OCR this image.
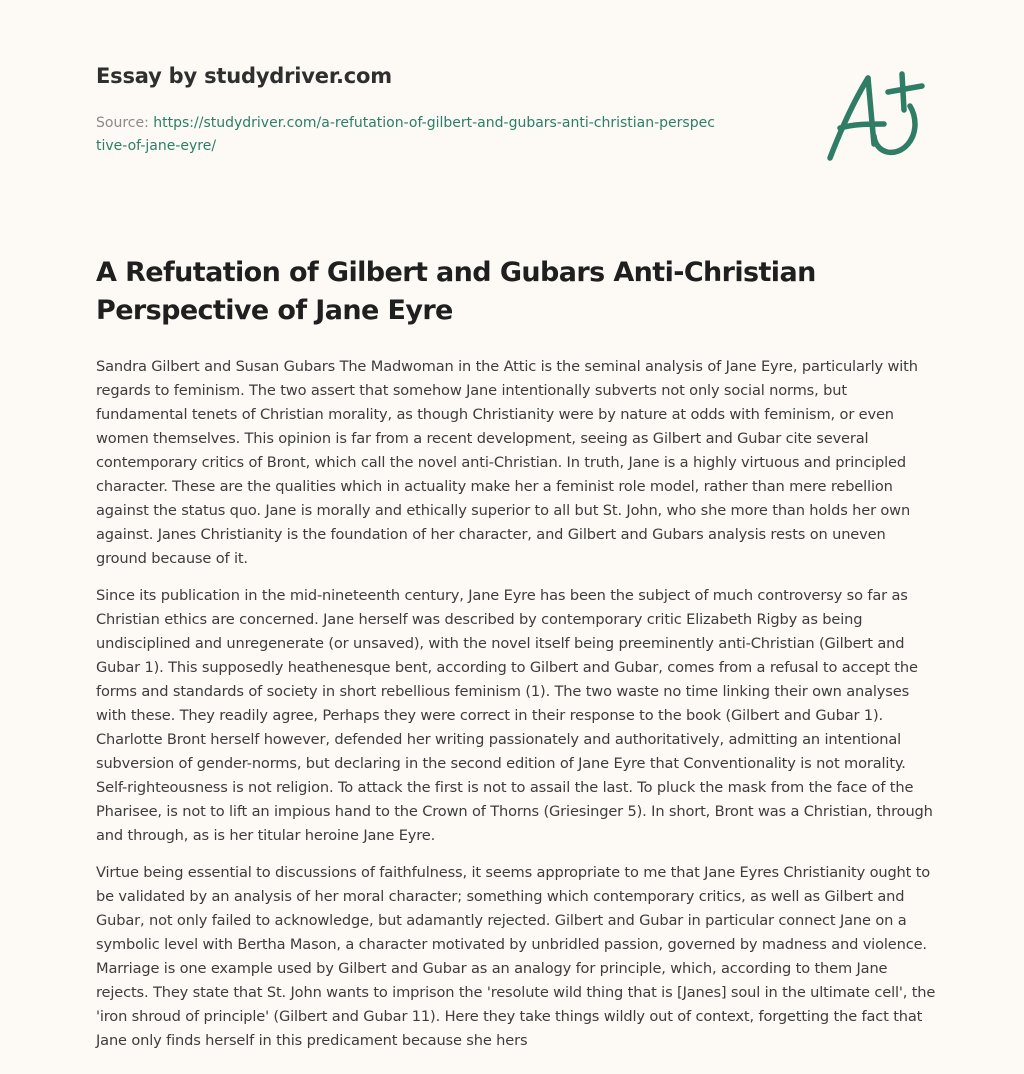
Essay by studydriver.com
Source: https://studydriver.com/a-refutation-of-gilbert-and-gubars-anti-christian-perspective-of-jane-eyre/
A Refutation of Gilbert and Gubars Anti-Christian Perspective of Jane Eyre

Sandra Gilbert and Susan Gubars The Madwoman in the Attic is the seminal analysis of Jane Eyre, particularly with regards to feminism. The two assert that somehow Jane intentionally subverts not only social norms, but fundamental tenets of Christian morality, as though Christianity were by nature at odds with feminism, or even women themselves. This opinion is far from a recent development, seeing as Gilbert and Gubar cite several contemporary critics of Bront, which call the novel anti-Christian. In truth, Jane is a highly virtuous and principled character. These are the qualities which in actuality make her a feminist role model, rather than mere rebellion against the status quo. Jane is morally and ethically superior to all but St. John, who she more than holds her own against. Janes Christianity is the foundation of her character, and Gilbert and Gubars analysis rests on uneven ground because of it.

Since its publication in the mid-nineteenth century, Jane Eyre has been the subject of much controversy so far as Christian ethics are concerned. Jane herself was described by contemporary critic Elizabeth Rigby as being undisciplined and unregenerate (or unsaved), with the novel itself being preeminently anti-Christian (Gilbert and Gubar 1). This supposedly heathenesque bent, according to Gilbert and Gubar, comes from a refusal to accept the forms and standards of society in short rebellious feminism (1). The two waste no time linking their own analyses with these. They readily agree, Perhaps they were correct in their response to the book (Gilbert and Gubar 1). Charlotte Bront herself however, defended her writing passionately and authoritatively, admitting an intentional subversion of gender-norms, but declaring in the second edition of Jane Eyre that Conventionality is not morality. Self-righteousness is not religion. To attack the first is not to assail the last. To pluck the mask from the face of the Pharisee, is not to lift an impious hand to the Crown of Thorns (Griesinger 5). In short, Bront was a Christian, through and through, as is her titular heroine Jane Eyre.

Virtue being essential to discussions of faithfulness, it seems appropriate to me that Jane Eyres Christianity ought to be validated by an analysis of her moral character; something which contemporary critics, as well as Gilbert and Gubar, not only failed to acknowledge, but adamantly rejected. Gilbert and Gubar in particular connect Jane on a symbolic level with Bertha Mason, a character motivated by unbridled passion, governed by madness and violence. Marriage is one example used by Gilbert and Gubar as an analogy for principle, which, according to them Jane rejects. They state that St. John wants to imprison the 'resolute wild thing that is [Janes] soul in the ultimate cell', the 'iron shroud of principle' (Gilbert and Gubar 11). Here they take things wildly out of context, forgetting the fact that Jane only finds herself in this predicament because she hers
